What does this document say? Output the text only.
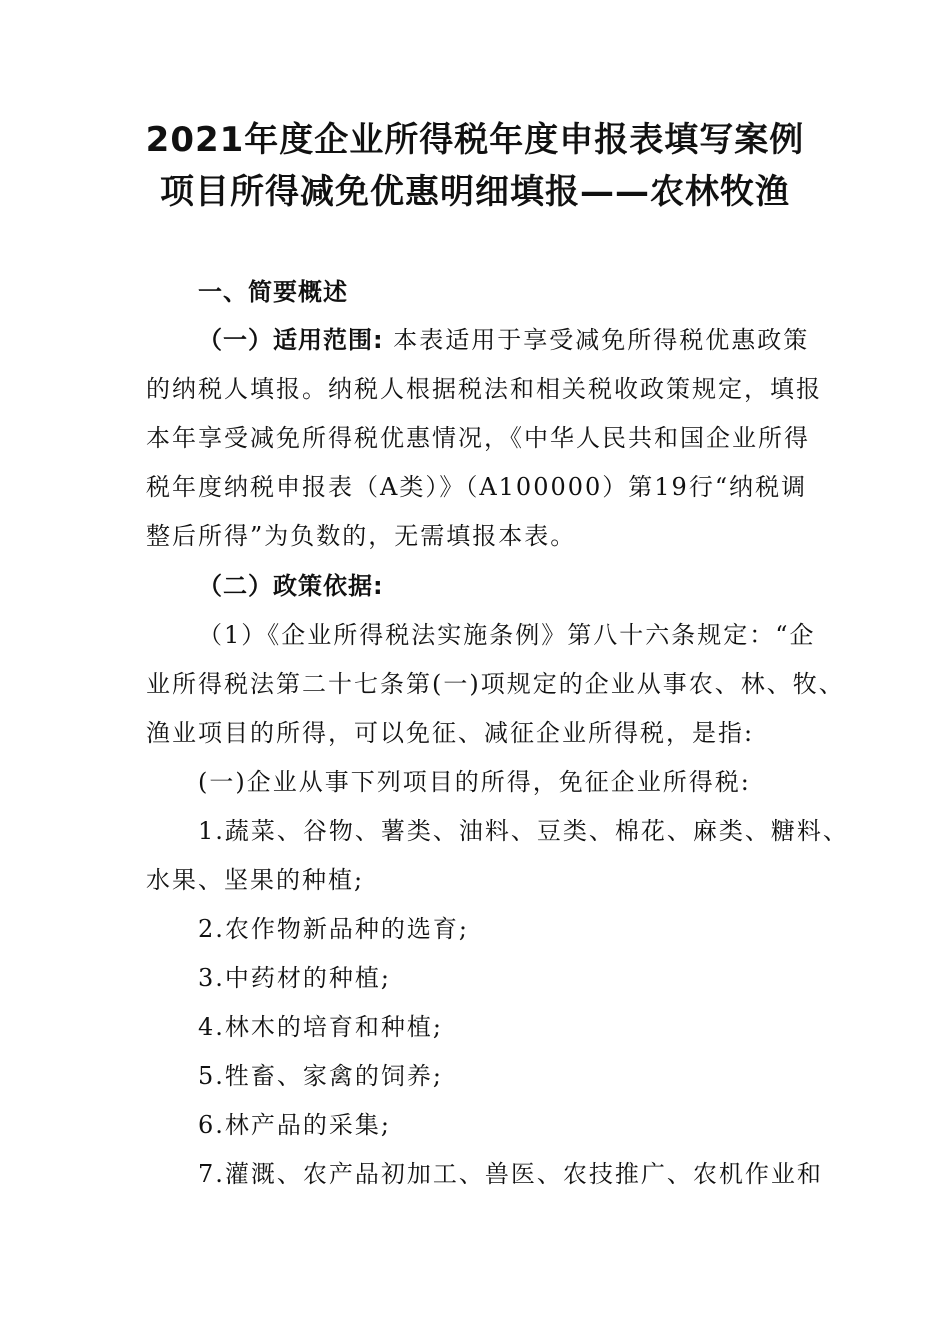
2021年度企业所得税年度申报表填写案例
项目所得减免优惠明细填报——农林牧渔
一、简要概述
（一）适用范围: 本表适用于享受减免所得税优惠政策
的纳税人填报。纳税人根据税法和相关税收政策规定，填报
本年享受减免所得税优惠情况，《中华人民共和国企业所得
税年度纳税申报表（A类）》（A100000）第19行“纳税调
整后所得”为负数的，无需填报本表。
（二）政策依据:
（1）《企业所得税法实施条例》第八十六条规定：“企
业所得税法第二十七条第(一)项规定的企业从事农、林、牧、
渔业项目的所得，可以免征、减征企业所得税，是指:
(一)企业从事下列项目的所得，免征企业所得税:
1.蔬菜、谷物、薯类、油料、豆类、棉花、麻类、糖料、
水果、坚果的种植;
2.农作物新品种的选育;
3.中药材的种植;
4.林木的培育和种植;
5.牲畜、家禽的饲养;
6.林产品的采集;
7.灌溉、农产品初加工、兽医、农技推广、农机作业和
